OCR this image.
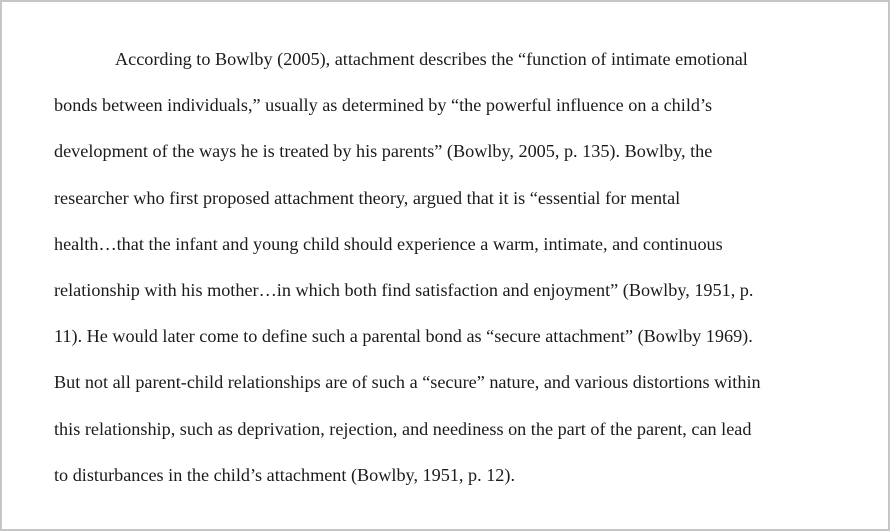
According to Bowlby (2005), attachment describes the “function of intimate emotional
bonds between individuals,” usually as determined by “the powerful influence on a child’s
development of the ways he is treated by his parents” (Bowlby, 2005, p. 135). Bowlby, the
researcher who first proposed attachment theory, argued that it is “essential for mental
health…that the infant and young child should experience a warm, intimate, and continuous
relationship with his mother…in which both find satisfaction and enjoyment” (Bowlby, 1951, p.
11). He would later come to define such a parental bond as “secure attachment” (Bowlby 1969).
But not all parent-child relationships are of such a “secure” nature, and various distortions within
this relationship, such as deprivation, rejection, and neediness on the part of the parent, can lead
to disturbances in the child’s attachment (Bowlby, 1951, p. 12).
